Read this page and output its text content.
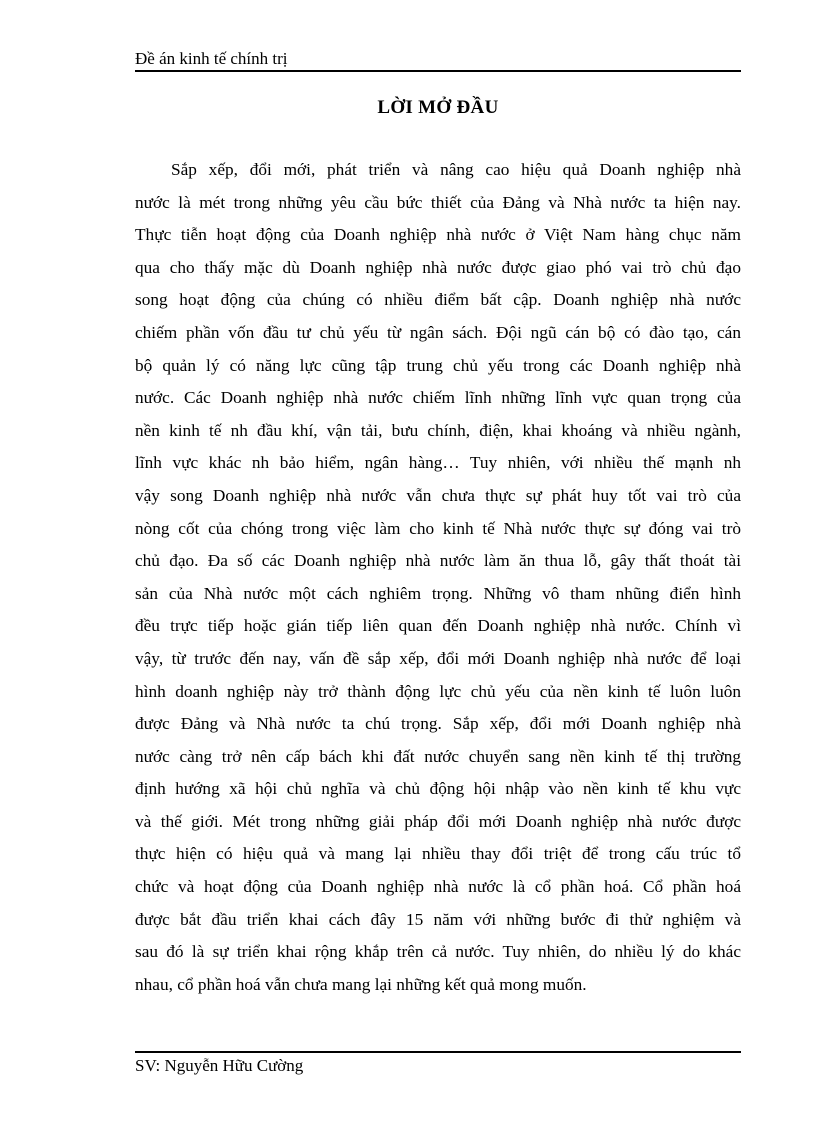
Đề án kinh tế chính trị
LỜI MỞ ĐẦU
Sắp xếp, đổi mới, phát triển và nâng cao hiệu quả Doanh nghiệp nhà
nước là mét trong những yêu cầu bức thiết của Đảng và Nhà nước ta hiện nay.
Thực tiễn hoạt động của Doanh nghiệp nhà nước ở Việt Nam hàng chục năm
qua cho thấy mặc dù Doanh nghiệp nhà nước được giao phó vai trò chủ đạo
song hoạt động của chúng có nhiều điểm bất cập. Doanh nghiệp nhà nước
chiếm phần vốn đầu tư chủ yếu từ ngân sách. Đội ngũ cán bộ có đào tạo, cán
bộ quản lý có năng lực cũng tập trung chủ yếu trong các Doanh nghiệp nhà
nước. Các Doanh nghiệp nhà nước chiếm lĩnh những lĩnh vực quan trọng của
nền kinh tế nh đầu khí, vận tải, bưu chính, điện, khai khoáng và nhiều ngành,
lĩnh vực khác nh bảo hiểm, ngân hàng… Tuy nhiên, với nhiều thế mạnh nh
vậy song Doanh nghiệp nhà nước vẫn chưa thực sự phát huy tốt vai trò của
nòng cốt của chóng trong việc làm cho kinh tế Nhà nước thực sự đóng vai trò
chủ đạo. Đa số các Doanh nghiệp nhà nước làm ăn thua lỗ, gây thất thoát tài
sản của Nhà nước một cách nghiêm trọng. Những vô tham nhũng điển hình
đều trực tiếp hoặc gián tiếp liên quan đến Doanh nghiệp nhà nước. Chính vì
vậy, từ trước đến nay, vấn đề sắp xếp, đổi mới Doanh nghiệp nhà nước để loại
hình doanh nghiệp này trở thành động lực chủ yếu của nền kinh tế luôn luôn
được Đảng và Nhà nước ta chú trọng. Sắp xếp, đổi mới Doanh nghiệp nhà
nước càng trở nên cấp bách khi đất nước chuyển sang nền kinh tế thị trường
định hướng xã hội chủ nghĩa và chủ động hội nhập vào nền kinh tế khu vực
và thế giới. Mét trong những giải pháp đổi mới Doanh nghiệp nhà nước được
thực hiện có hiệu quả và mang lại nhiều thay đổi triệt để trong cấu trúc tổ
chức và hoạt động của Doanh nghiệp nhà nước là cổ phần hoá. Cổ phần hoá
được bắt đầu triển khai cách đây 15 năm với những bước đi thử nghiệm và
sau đó là sự triển khai rộng khắp trên cả nước. Tuy nhiên, do nhiều lý do khác
nhau, cổ phần hoá vẫn chưa mang lại những kết quả mong muốn.
SV: Nguyễn Hữu Cường
